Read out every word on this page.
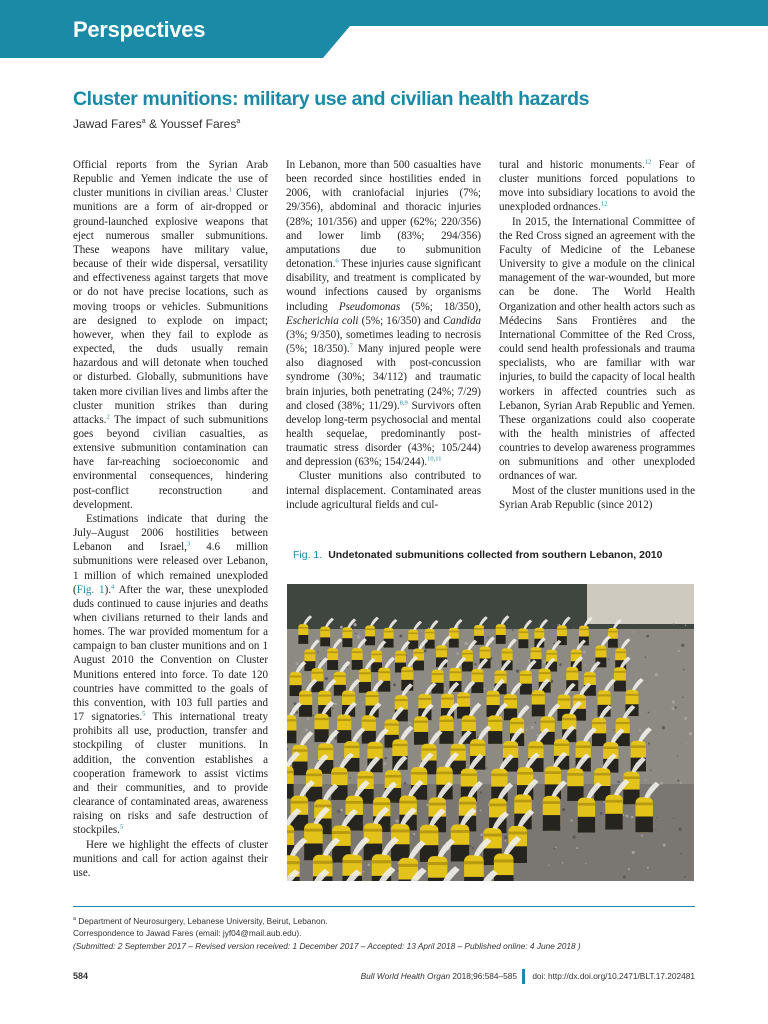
Perspectives
Cluster munitions: military use and civilian health hazards
Jawad Fares$^a$ & Youssef Fares$^a$

Official reports from the Syrian Arab Republic and Yemen indicate the use of cluster munitions in civilian areas.$^1$ Cluster munitions are a form of air-dropped or ground-launched explosive weapons that eject numerous smaller submunitions. These weapons have military value, because of their wide dispersal, versatility and effectiveness against targets that move or do not have precise locations, such as moving troops or vehicles. Submunitions are designed to explode on impact; however, when they fail to explode as expected, the duds usually remain hazardous and will detonate when touched or disturbed. Globally, submunitions have taken more civilian lives and limbs after the cluster munition strikes than during attacks.$^2$ The impact of such submunitions goes beyond civilian casualties, as extensive submunition contamination can have far-reaching socioeconomic and environmental consequences, hindering post-conflict reconstruction and development.

Estimations indicate that during the July–August 2006 hostilities between Lebanon and Israel,$^3$ 4.6 million submunitions were released over Lebanon, 1 million of which remained unexploded (Fig. 1).$^4$ After the war, these unexploded duds continued to cause injuries and deaths when civilians returned to their lands and homes. The war provided momentum for a campaign to ban cluster munitions and on 1 August 2010 the Convention on Cluster Munitions entered into force. To date 120 countries have committed to the goals of this convention, with 103 full parties and 17 signatories.$^5$ This international treaty prohibits all use, production, transfer and stockpiling of cluster munitions. In addition, the convention establishes a cooperation framework to assist victims and their communities, and to provide clearance of contaminated areas, awareness raising on risks and safe destruction of stockpiles.$^5$

Here we highlight the effects of cluster munitions and call for action against their use.

In Lebanon, more than 500 casualties have been recorded since hostilities ended in 2006, with craniofacial injuries (7%; 29/356), abdominal and thoracic injuries (28%; 101/356) and upper (62%; 220/356) and lower limb (83%; 294/356) amputations due to submunition detonation.$^6$ These injuries cause significant disability, and treatment is complicated by wound infections caused by organisms including Pseudomonas (5%; 18/350), Escherichia coli (5%; 16/350) and Candida (3%; 9/350), sometimes leading to necrosis (5%; 18/350).$^7$ Many injured people were also diagnosed with post-concussion syndrome (30%; 34/112) and traumatic brain injuries, both penetrating (24%; 7/29) and closed (38%; 11/29).$^{8,9}$ Survivors often develop long-term psychosocial and mental health sequelae, predominantly post-traumatic stress disorder (43%; 105/244) and depression (63%; 154/244).$^{10,11}$

Cluster munitions also contributed to internal displacement. Contaminated areas include agricultural fields and cul-

tural and historic monuments.$^{12}$ Fear of cluster munitions forced populations to move into subsidiary locations to avoid the unexploded ordnances.$^{12}$

In 2015, the International Committee of the Red Cross signed an agreement with the Faculty of Medicine of the Lebanese University to give a module on the clinical management of the war-wounded, but more can be done. The World Health Organization and other health actors such as Médecins Sans Frontières and the International Committee of the Red Cross, could send health professionals and trauma specialists, who are familiar with war injuries, to build the capacity of local health workers in affected countries such as Lebanon, Syrian Arab Republic and Yemen. These organizations could also cooperate with the health ministries of affected countries to develop awareness programmes on submunitions and other unexploded ordnances of war.

Most of the cluster munitions used in the Syrian Arab Republic (since 2012)

Fig. 1. Undetonated submunitions collected from southern Lebanon, 2010

$^a$ Department of Neurosurgery, Lebanese University, Beirut, Lebanon.

Correspondence to Jawad Fares (email: jyf04@mail.aub.edu).

(Submitted: 2 September 2017 – Revised version received: 1 December 2017 – Accepted: 13 April 2018 – Published online: 4 June 2018 )

584	Bull World Health Organ 2018;96:584–585 doi: http://dx.doi.org/10.2471/BLT.17.202481
